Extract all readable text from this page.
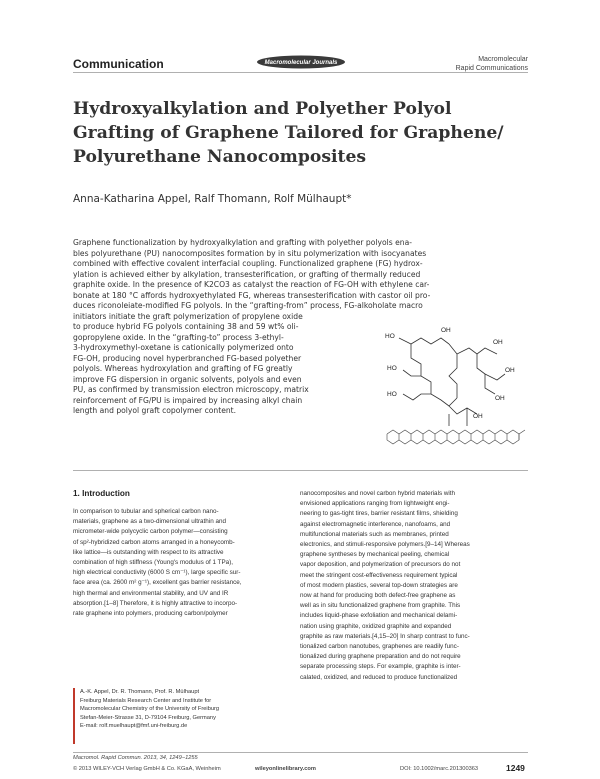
Communication	Macromolecular Journals	Macromolecular
Rapid Communications
Hydroxyalkylation and Polyether Polyol
Grafting of Graphene Tailored for Graphene/
Polyurethane Nanocomposites
Anna-Katharina Appel, Ralf Thomann, Rolf Mülhaupt*
Graphene functionalization by hydroxyalkylation and grafting with polyether polyols ena-
bles polyurethane (PU) nanocomposites formation by in situ polymerization with isocyanates
combined with effective covalent interfacial coupling. Functionalized graphene (FG) hydrox-
ylation is achieved either by alkylation, transesterification, or grafting of thermally reduced
graphite oxide. In the presence of K2CO3 as catalyst the reaction of FG-OH with ethylene car-
bonate at 180 °C affords hydroxyethylated FG, whereas transesterification with castor oil pro-
duces riconoleiate-modified FG polyols. In the “grafting-from” process, FG-alkoholate macro
initiators initiate the graft polymerization of propylene oxide
to produce hybrid FG polyols containing 38 and 59 wt% oli-
gopropylene oxide. In the “grafting-to” process 3-ethyl-
3-hydroxymethyl-oxetane is cationically polymerized onto
FG-OH, producing novel hyperbranched FG-based polyether
polyols. Whereas hydroxylation and grafting of FG greatly
improve FG dispersion in organic solvents, polyols and even
PU, as confirmed by transmission electron microscopy, matrix
reinforcement of FG/PU is impaired by increasing alkyl chain
length and polyol graft copolymer content.
HO
OH
OH
HO
HO
OH
OH
OH
1. Introduction
In comparison to tubular and spherical carbon nano-
materials, graphene as a two-dimensional ultrathin and
micrometer-wide polycyclic carbon polymer—consisting
of sp²-hybridized carbon atoms arranged in a honeycomb-
like lattice—is outstanding with respect to its attractive
combination of high stiffness (Young's modulus of 1 TPa),
high electrical conductivity (6000 S cm⁻¹), large specific sur-
face area (ca. 2600 m² g⁻¹), excellent gas barrier resistance,
high thermal and environmental stability, and UV and IR
absorption.[1–8] Therefore, it is highly attractive to incorpo-
rate graphene into polymers, producing carbon/polymer
nanocomposites and novel carbon hybrid materials with
envisioned applications ranging from lightweight engi-
neering to gas-tight tires, barrier resistant films, shielding
against electromagnetic interference, nanofoams, and
multifunctional materials such as membranes, printed
electronics, and stimuli-responsive polymers.[9–14] Whereas
graphene syntheses by mechanical peeling, chemical
vapor deposition, and polymerization of precursors do not
meet the stringent cost-effectiveness requirement typical
of most modern plastics, several top-down strategies are
now at hand for producing both defect-free graphene as
well as in situ functionalized graphene from graphite. This
includes liquid-phase exfoliation and mechanical delami-
nation using graphite, oxidized graphite and expanded
graphite as raw materials.[4,15–20] In sharp contrast to func-
tionalized carbon nanotubes, graphenes are readily func-
tionalized during graphene preparation and do not require
separate processing steps. For example, graphite is inter-
calated, oxidized, and reduced to produce functionalized
A.-K. Appel, Dr. R. Thomann, Prof. R. Mülhaupt
Freiburg Materials Research Center and Institute for
Macromolecular Chemistry of the University of Freiburg
Stefan-Meier-Strasse 31, D-79104 Freiburg, Germany
E-mail: rolf.muelhaupt@fmf.uni-freiburg.de
Macromol. Rapid Commun. 2013, 34, 1249−1255
© 2013 WILEY-VCH Verlag GmbH & Co. KGaA, Weinheim	wileyonlinelibrary.com	DOI: 10.1002/marc.201300363	1249
